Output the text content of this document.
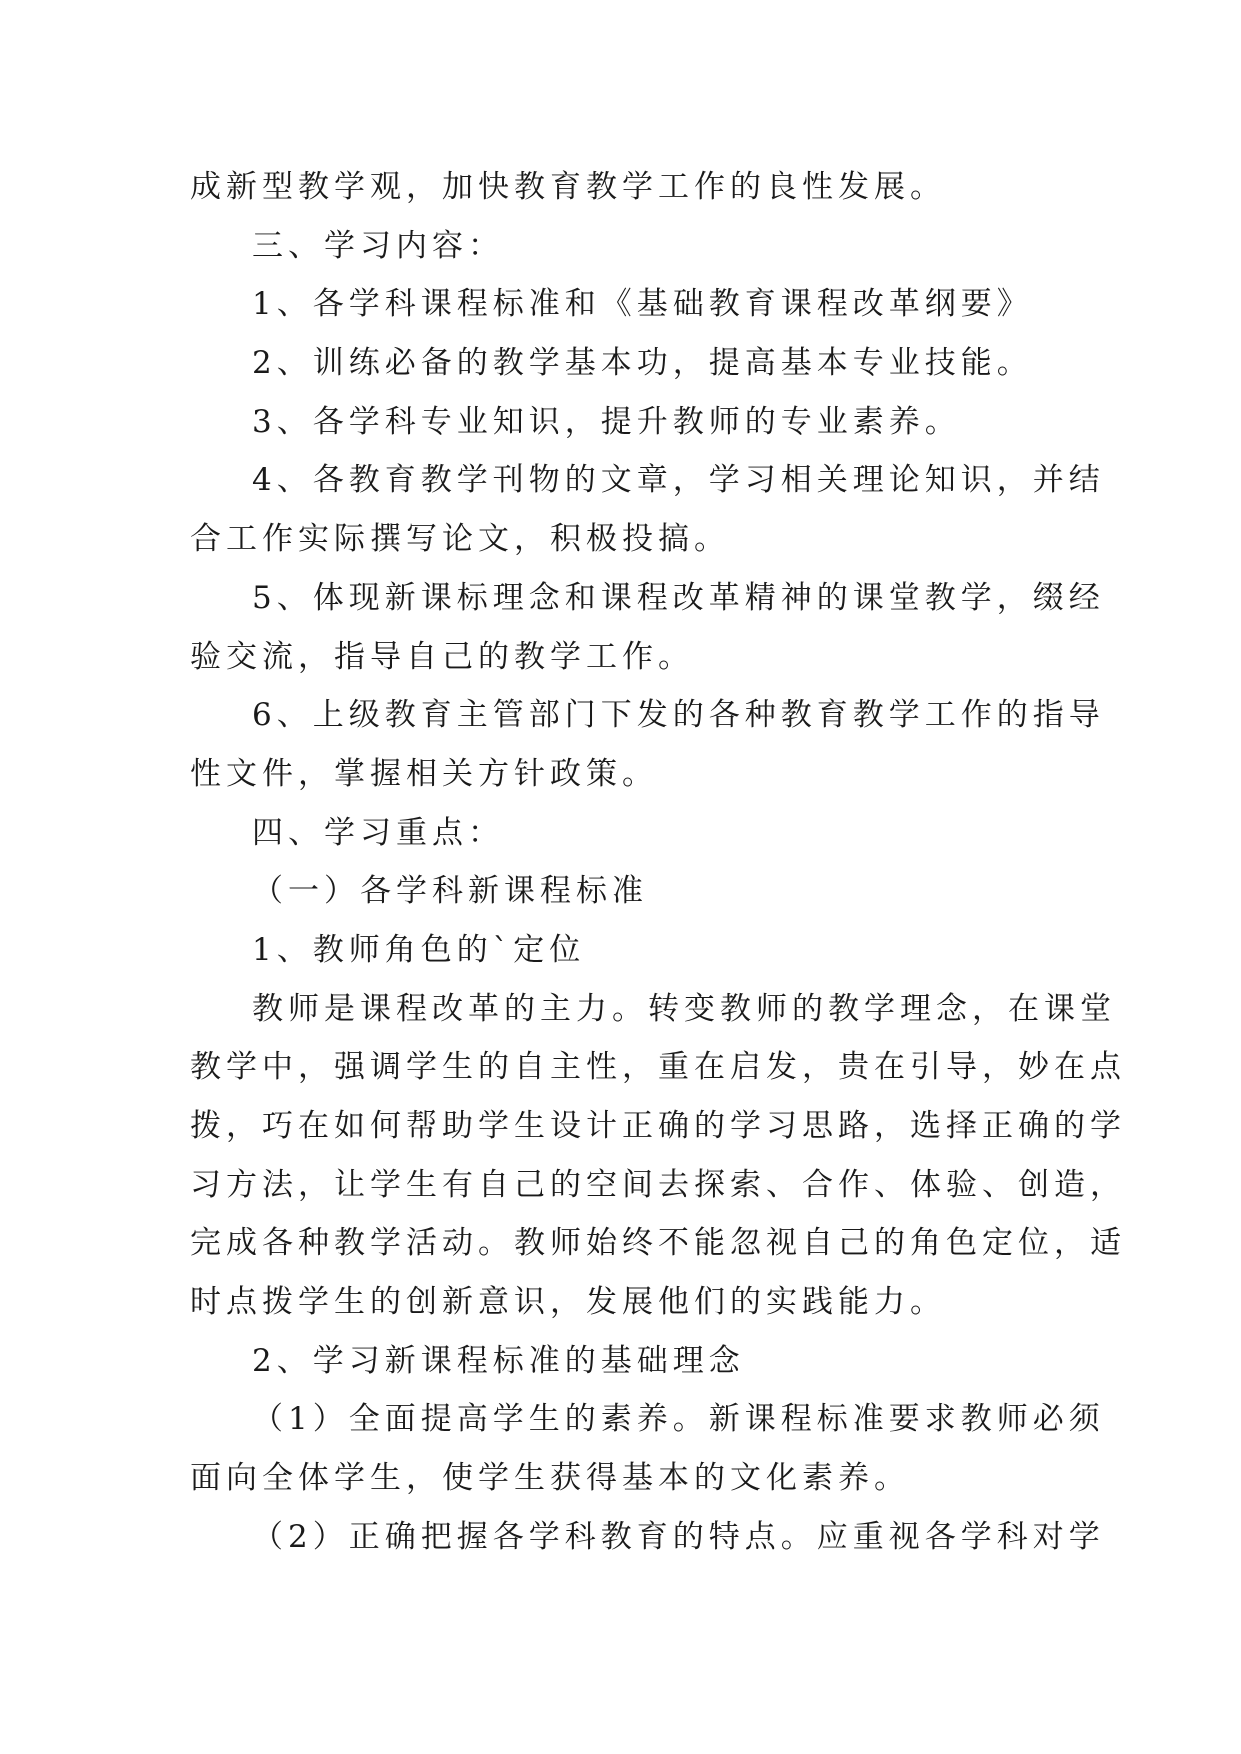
成新型教学观，加快教育教学工作的良性发展。
三、学习内容：
1、各学科课程标准和《基础教育课程改革纲要》
2、训练必备的教学基本功，提高基本专业技能。
3、各学科专业知识，提升教师的专业素养。
4、各教育教学刊物的文章，学习相关理论知识，并结
合工作实际撰写论文，积极投搞。
5、体现新课标理念和课程改革精神的课堂教学，缀经
验交流，指导自己的教学工作。
6、上级教育主管部门下发的各种教育教学工作的指导
性文件，掌握相关方针政策。
四、学习重点：
（一）各学科新课程标准
1、教师角色的`定位
教师是课程改革的主力。转变教师的教学理念，在课堂
教学中，强调学生的自主性，重在启发，贵在引导，妙在点
拨，巧在如何帮助学生设计正确的学习思路，选择正确的学
习方法，让学生有自己的空间去探索、合作、体验、创造，
完成各种教学活动。教师始终不能忽视自己的角色定位，适
时点拨学生的创新意识，发展他们的实践能力。
2、学习新课程标准的基础理念
（1）全面提高学生的素养。新课程标准要求教师必须
面向全体学生，使学生获得基本的文化素养。
（2）正确把握各学科教育的特点。应重视各学科对学
